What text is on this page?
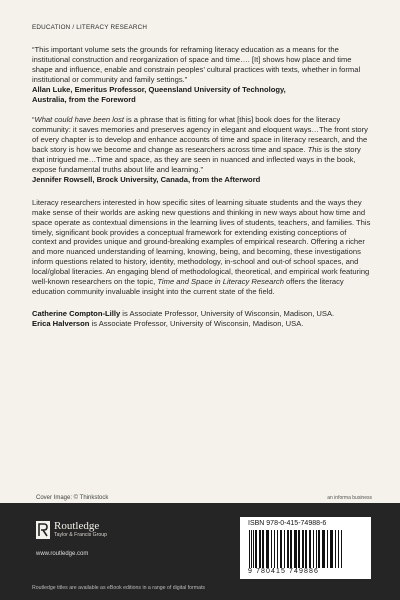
EDUCATION / LITERACY RESEARCH

“This important volume sets the grounds for reframing literacy education as a means for the institutional construction and reorganization of space and time…. [It] shows how place and time shape and influence, enable and constrain peoples’ cultural practices with texts, whether in formal institutional or community and family settings.”

Allan Luke, Emeritus Professor, Queensland University of Technology,
Australia, from the Foreword

“What could have been lost is a phrase that is fitting for what [this] book does for the literacy community: it saves memories and preserves agency in elegant and eloquent ways…The front story of every chapter is to develop and enhance accounts of time and space in literacy research, and the back story is how we become and change as researchers across time and space. This is the story that intrigued me…Time and space, as they are seen in nuanced and inflected ways in the book, expose fundamental truths about life and learning.”

Jennifer Rowsell, Brock University, Canada, from the Afterword

Literacy researchers interested in how specific sites of learning situate students and the ways they make sense of their worlds are asking new questions and thinking in new ways about how time and space operate as contextual dimensions in the learning lives of students, teachers, and families. This timely, significant book provides a conceptual framework for extending existing conceptions of context and provides unique and ground-breaking examples of empirical research. Offering a richer and more nuanced understanding of learning, knowing, being, and becoming, these investigations inform questions related to history, identity, methodology, in-school and out-of school spaces, and local/global literacies. An engaging blend of methodological, theoretical, and empirical work featuring well-known researchers on the topic, Time and Space in Literacy Research offers the literacy education community invaluable insight into the current state of the field.

Catherine Compton-Lilly is Associate Professor, University of Wisconsin, Madison, USA.

Erica Halverson is Associate Professor, University of Wisconsin, Madison, USA.

Cover Image: © Thinkstock	an informa business
Routledge
Taylor & Francis Group
www.routledge.com
Routledge titles are available as eBook editions in a range of digital formats
ISBN 978-0-415-74988-6
9 780415 749886
